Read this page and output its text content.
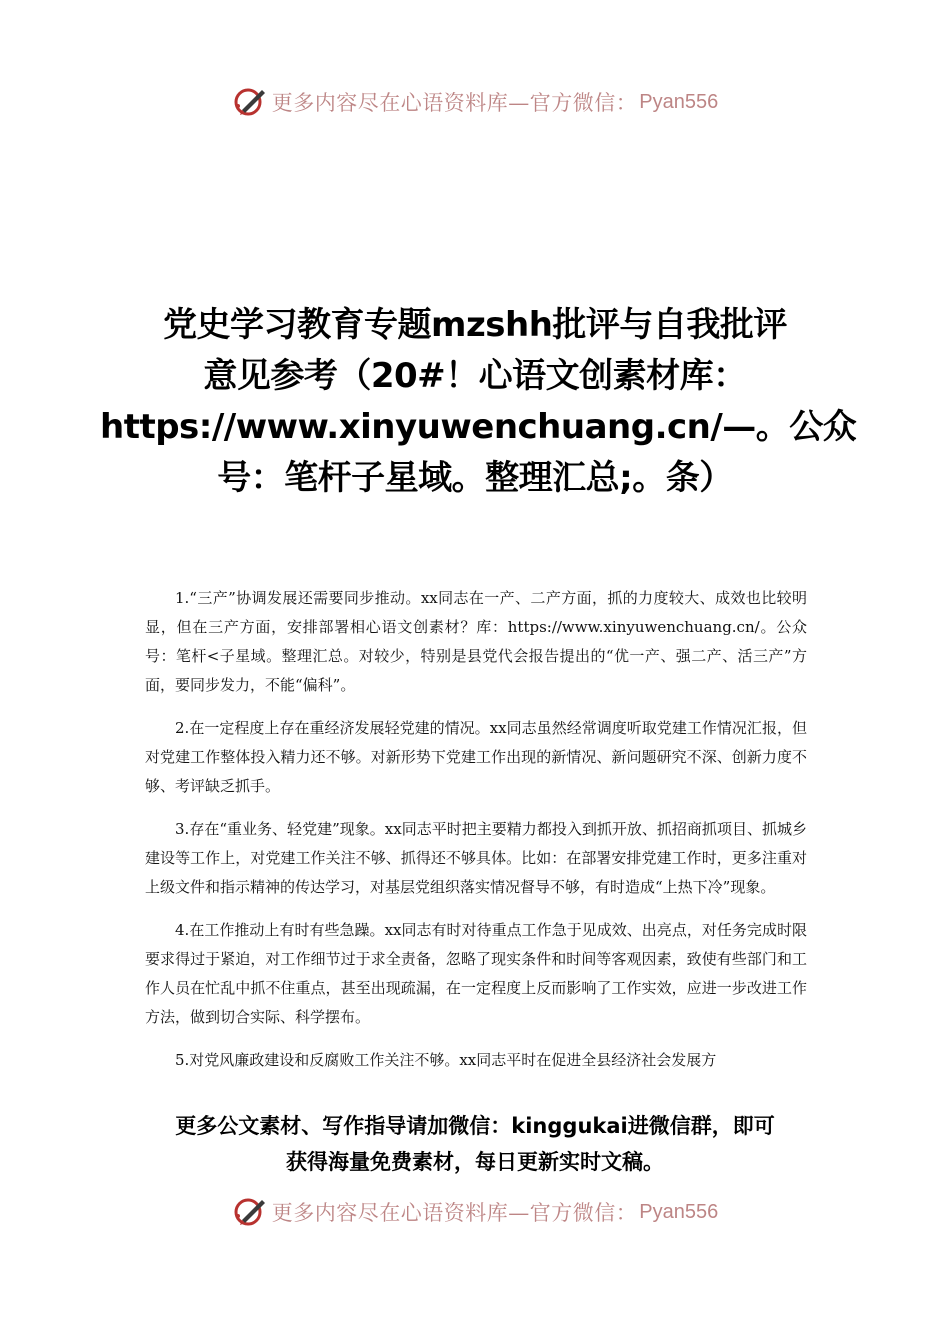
更多内容尽在心语资料库—官方微信： Pyan556
党史学习教育专题mzshh批评与自我批评
意见参考（20#！心语文创素材库：
https://www.xinyuwenchuang.cn/—。公众
号：笔杆子星域。整理汇总;。条）

1.“三产”协调发展还需要同步推动。xx同志在一产、二产方面，抓的力度较大、成效也比较明显，但在三产方面，安排部署相心语文创素材？库：https://www.xinyuwenchuang.cn/。公众号：笔杆<子星域。整理汇总。对较少，特别是县党代会报告提出的“优一产、强二产、活三产”方面，要同步发力，不能“偏科”。

2.在一定程度上存在重经济发展轻党建的情况。xx同志虽然经常调度听取党建工作情况汇报，但对党建工作整体投入精力还不够。对新形势下党建工作出现的新情况、新问题研究不深、创新力度不够、考评缺乏抓手。

3.存在“重业务、轻党建”现象。xx同志平时把主要精力都投入到抓开放、抓招商抓项目、抓城乡建设等工作上，对党建工作关注不够、抓得还不够具体。比如：在部署安排党建工作时，更多注重对上级文件和指示精神的传达学习，对基层党组织落实情况督导不够，有时造成“上热下冷”现象。

4.在工作推动上有时有些急躁。xx同志有时对待重点工作急于见成效、出亮点，对任务完成时限要求得过于紧迫，对工作细节过于求全责备，忽略了现实条件和时间等客观因素，致使有些部门和工作人员在忙乱中抓不住重点，甚至出现疏漏，在一定程度上反而影响了工作实效，应进一步改进工作方法，做到切合实际、科学摆布。

5.对党风廉政建设和反腐败工作关注不够。xx同志平时在促进全县经济社会发展方

更多公文素材、写作指导请加微信：kinggukai进微信群，即可
获得海量免费素材，每日更新实时文稿。
更多内容尽在心语资料库—官方微信： Pyan556
